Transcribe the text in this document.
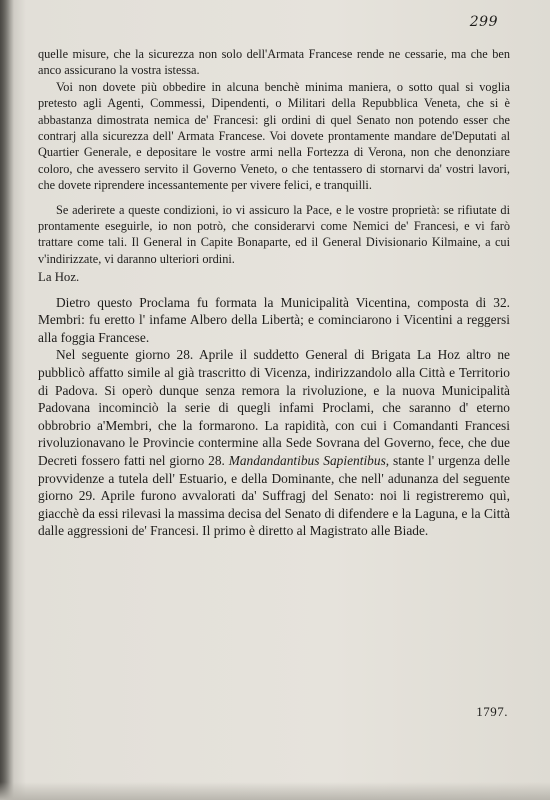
299

quelle misure, che la sicurezza non solo dell'Armata Francese rende ne cessarie, ma che ben anco assicurano la vostra istessa.

Voi non dovete più obbedire in alcuna benchè minima maniera, o sotto qual si voglia pretesto agli Agenti, Commessi, Dipendenti, o Militari della Repubblica Veneta, che si è abbastanza dimostrata nemica de' Francesi: gli ordini di quel Senato non potendo esser che contrarj alla sicurezza dell' Armata Francese. Voi dovete prontamente mandare de'Deputati al Quartier Generale, e depositare le vostre armi nella Fortezza di Verona, non che denonziare coloro, che avessero servito il Governo Veneto, o che tentassero di stornarvi da' vostri lavori, che dovete riprendere incessantemente per vivere felici, e tranquilli.

Se aderirete a queste condizioni, io vi assicuro la Pace, e le vostre proprietà: se rifiutate di prontamente eseguirle, io non potrò, che considerarvi come Nemici de' Francesi, e vi farò trattare come tali. Il General in Capite Bonaparte, ed il General Divisionario Kilmaine, a cui v'indirizzate, vi daranno ulteriori ordini.

La Hoz.

Dietro questo Proclama fu formata la Municipalità Vicentina, composta di 32. Membri: fu eretto l' infame Albero della Libertà; e cominciarono i Vicentini a reggersi alla foggia Francese.

Nel seguente giorno 28. Aprile il suddetto General di Brigata La Hoz altro ne pubblicò affatto simile al già trascritto di Vicenza, indirizzandolo alla Città e Territorio di Padova. Si operò dunque senza remora la rivoluzione, e la nuova Municipalità Padovana incominciò la serie di quegli infami Proclami, che saranno d' eterno obbrobrio a'Membri, che la formarono. La rapidità, con cui i Comandanti Francesi rivoluzionavano le Provincie contermine alla Sede Sovrana del Governo, fece, che due Decreti fossero fatti nel giorno 28. Mandandantibus Sapientibus, stante l' urgenza delle provvidenze a tutela dell' Estuario, e della Dominante, che nell' adunanza del seguente giorno 29. Aprile furono avvalorati da' Suffragj del Senato: noi li registreremo quì, giacchè da essi rilevasi la massima decisa del Senato di difendere e la Laguna, e la Città dalle aggressioni de' Francesi. Il primo è diretto al Magistrato alle Biade.

1797.
